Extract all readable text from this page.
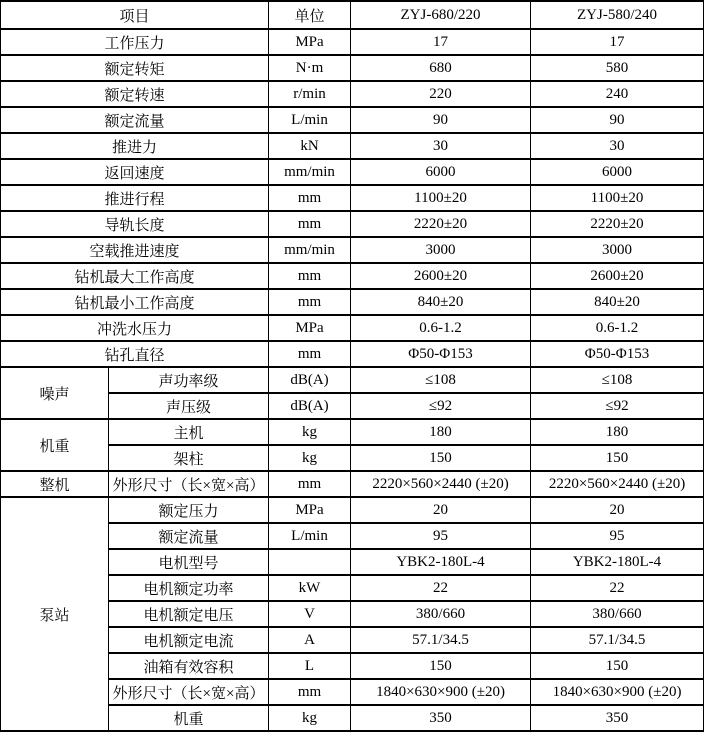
项目		单位	ZYJ-680/220	ZYJ-580/240
工作压力		MPa	17	17
额定转矩		N·m	680	580
额定转速		r/min	220	240
额定流量		L/min	90	90
推进力		kN	30	30
返回速度		mm/min	6000	6000
推进行程		mm	1100±20	1100±20
导轨长度		mm	2220±20	2220±20
空载推进速度		mm/min	3000	3000
钻机最大工作高度		mm	2600±20	2600±20
钻机最小工作高度		mm	840±20	840±20
冲洗水压力		MPa	0.6-1.2	0.6-1.2
钻孔直径		mm	Φ50-Φ153	Φ50-Φ153
噪声	声功率级	dB(A)	≤108	≤108
	声压级	dB(A)	≤92	≤92
机重	主机	kg	180	180
	架柱	kg	150	150
整机	外形尺寸（长×宽×高）	mm	2220×560×2440 (±20)	2220×560×2440 (±20)
泵站	额定压力	MPa	20	20
	额定流量	L/min	95	95
	电机型号		YBK2-180L-4	YBK2-180L-4
	电机额定功率	kW	22	22
	电机额定电压	V	380/660	380/660
	电机额定电流	A	57.1/34.5	57.1/34.5
	油箱有效容积	L	150	150
	外形尺寸（长×宽×高）	mm	1840×630×900 (±20)	1840×630×900 (±20)
	机重	kg	350	350
